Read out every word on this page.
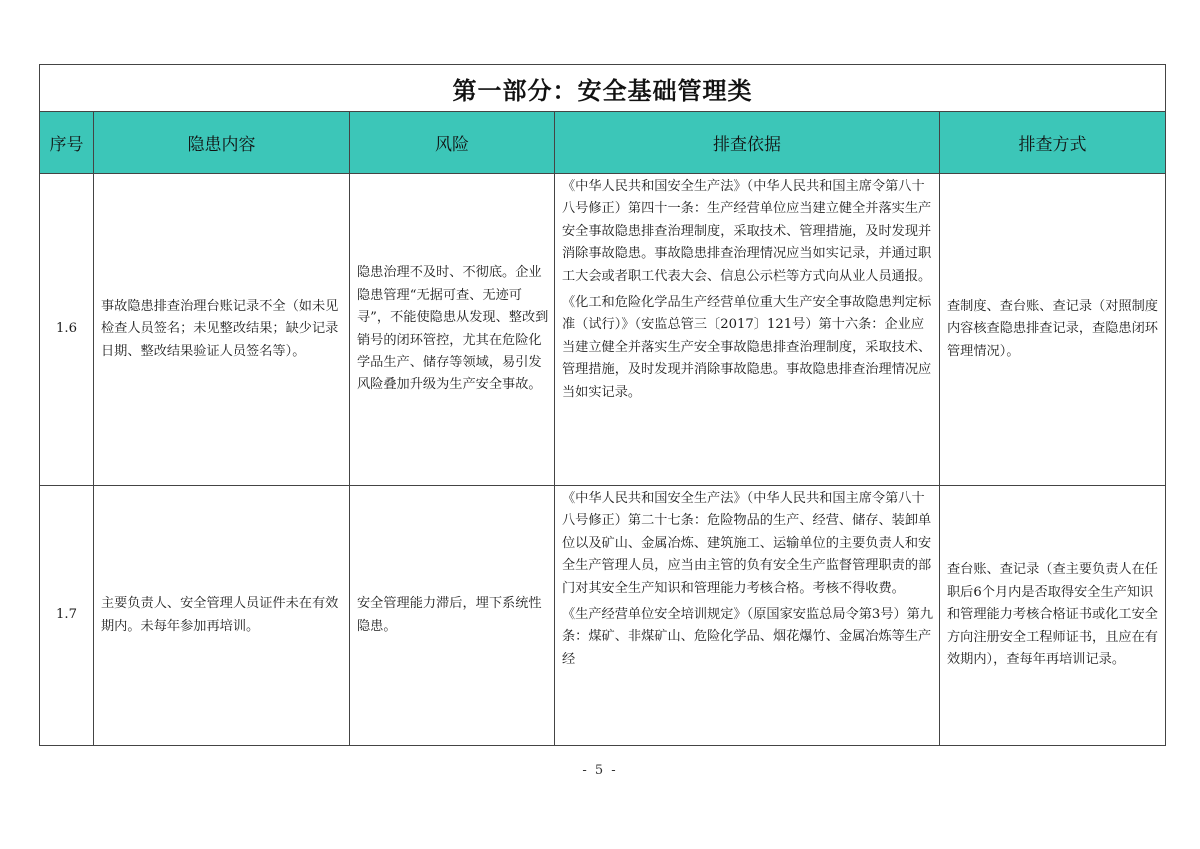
第一部分：安全基础管理类				
序号	隐患内容	风险	排查依据	排查方式
1.6	事故隐患排查治理台账记录不全（如未见检查人员签名；未见整改结果；缺少记录日期、整改结果验证人员签名等）。	隐患治理不及时、不彻底。企业隐患管理“无据可查、无迹可寻”，不能使隐患从发现、整改到销号的闭环管控，尤其在危险化学品生产、储存等领域，易引发风险叠加升级为生产安全事故。	《中华人民共和国安全生产法》（中华人民共和国主席令第八十八号修正）第四十一条：生产经营单位应当建立健全并落实生产安全事故隐患排查治理制度，采取技术、管理措施，及时发现并消除事故隐患。事故隐患排查治理情况应当如实记录，并通过职工大会或者职工代表大会、信息公示栏等方式向从业人员通报。

《化工和危险化学品生产经营单位重大生产安全事故隐患判定标准（试行）》（安监总管三〔2017〕121号）第十六条：企业应当建立健全并落实生产安全事故隐患排查治理制度，采取技术、管理措施，及时发现并消除事故隐患。事故隐患排查治理情况应当如实记录。	查制度、查台账、查记录（对照制度内容核查隐患排查记录，查隐患闭环管理情况）。

1.7	主要负责人、安全管理人员证件未在有效期内。未每年参加再培训。	安全管理能力滞后，埋下系统性隐患。	《中华人民共和国安全生产法》（中华人民共和国主席令第八十八号修正）第二十七条：危险物品的生产、经营、储存、装卸单位以及矿山、金属冶炼、建筑施工、运输单位的主要负责人和安全生产管理人员，应当由主管的负有安全生产监督管理职责的部门对其安全生产知识和管理能力考核合格。考核不得收费。

《生产经营单位安全培训规定》（原国家安监总局令第3号）第九条：煤矿、非煤矿山、危险化学品、烟花爆竹、金属冶炼等生产经	查台账、查记录（查主要负责人在任职后6个月内是否取得安全生产知识和管理能力考核合格证书或化工安全方向注册安全工程师证书，且应在有效期内），查每年再培训记录。
- 5 -
